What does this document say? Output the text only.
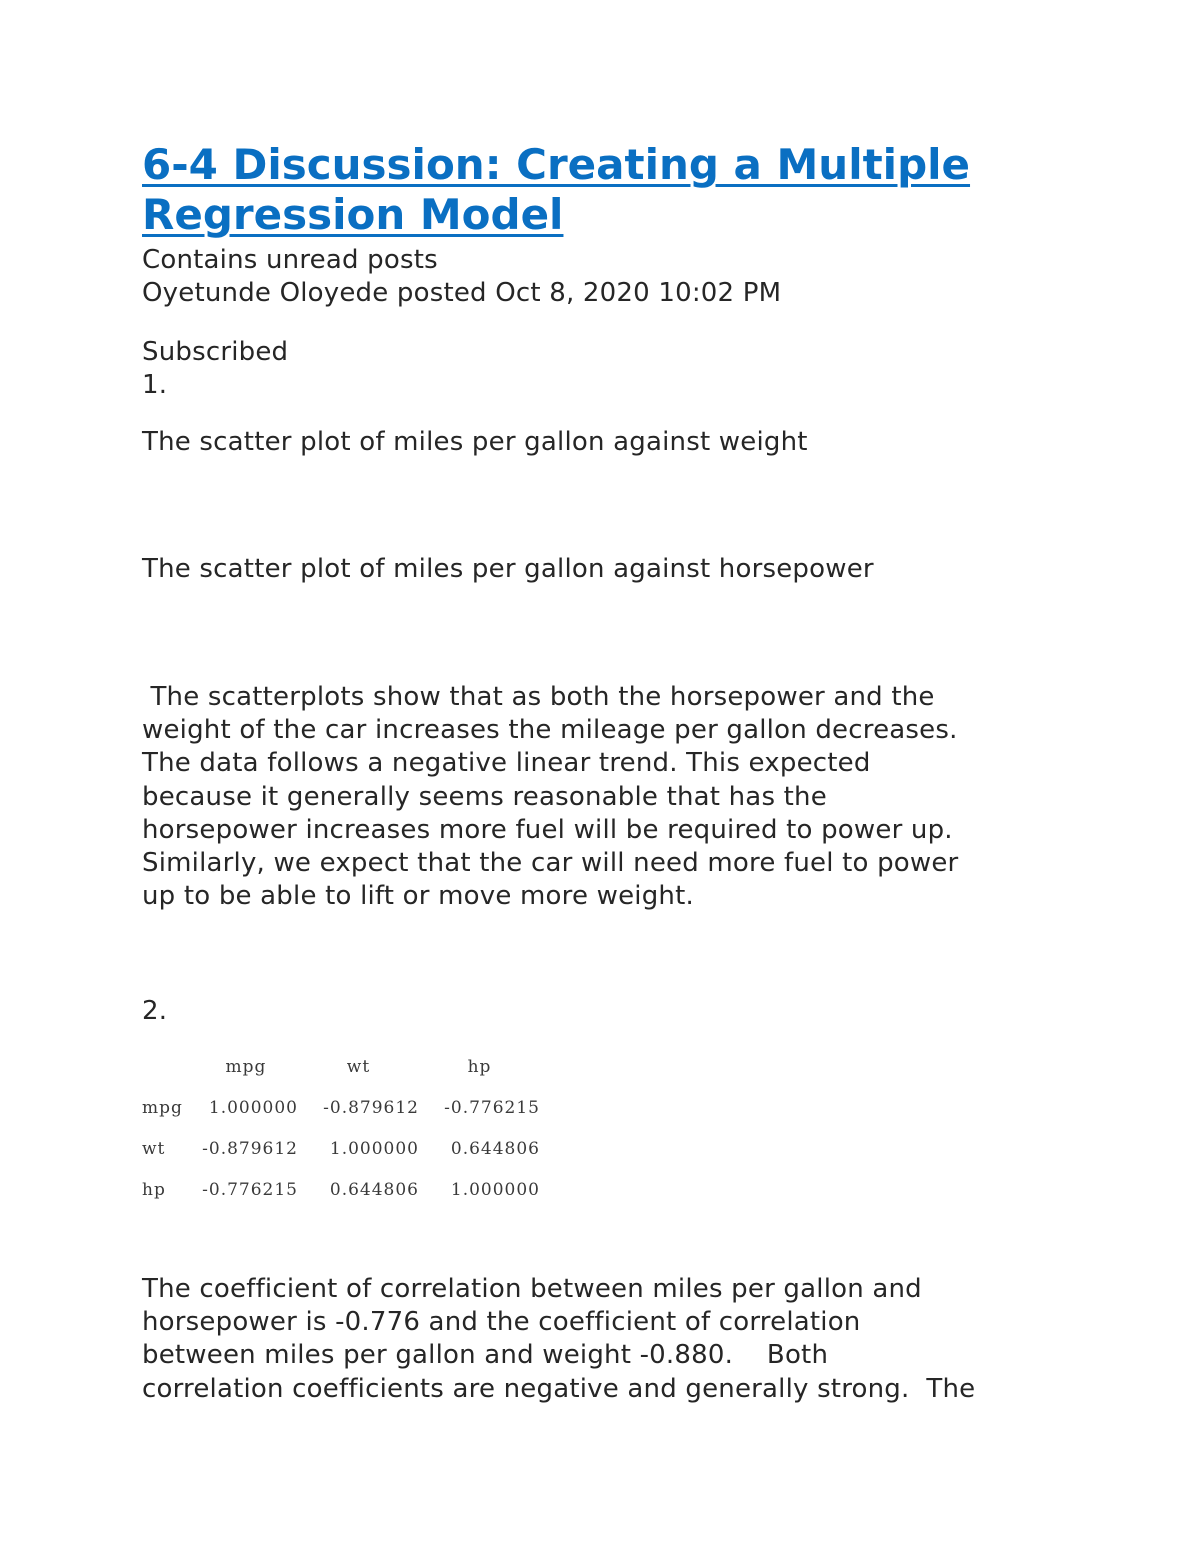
6-4 Discussion: Creating a Multiple Regression Model

Contains unread posts

Oyetunde Oloyede posted Oct 8, 2020 10:02 PM

Subscribed

1.

The scatter plot of miles per gallon against weight

The scatter plot of miles per gallon against horsepower

The scatterplots show that as both the horsepower and the
weight of the car increases the mileage per gallon decreases.
The data follows a negative linear trend. This expected
because it generally seems reasonable that has the
horsepower increases more fuel will be required to power up.
Similarly, we expect that the car will need more fuel to power
up to be able to lift or move more weight.

2.

	mpg	wt	hp
mpg	1.000000	-0.879612	-0.776215
wt	-0.879612	1.000000	0.644806
hp	-0.776215	0.644806	1.000000
The coefficient of correlation between miles per gallon and
horsepower is -0.776 and the coefficient of correlation
between miles per gallon and weight -0.880.    Both
correlation coefficients are negative and generally strong.  The
